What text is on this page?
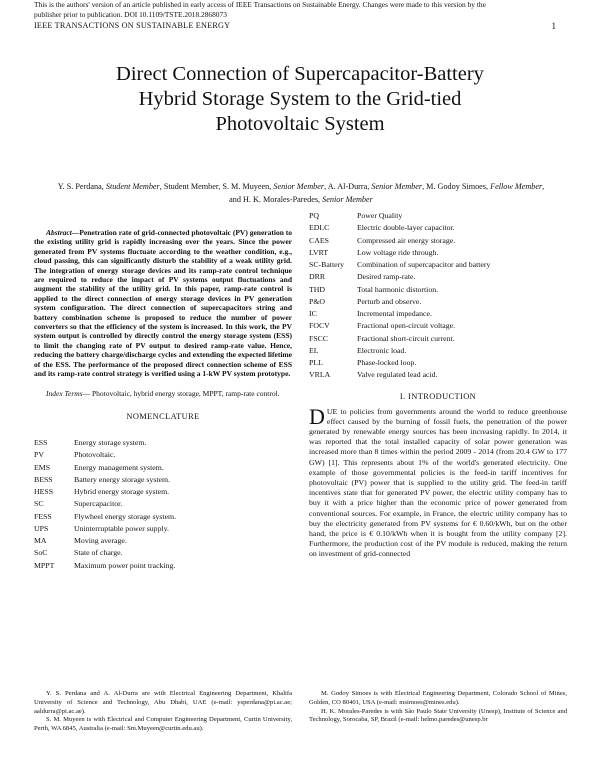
This is the authors' version of an article published in early access of IEEE Transactions on Sustainable Energy. Changes were made to this version by the publisher prior to publication. DOI 10.1109/TSTE.2018.2868073
IEEE TRANSACTIONS ON SUSTAINABLE ENERGY	1
Direct Connection of Supercapacitor-Battery
Hybrid Storage System to the Grid-tied
Photovoltaic System
Y. S. Perdana, Student Member, Student Member, S. M. Muyeen, Senior Member, A. Al-Durra, Senior Member, M. Godoy Simoes, Fellow Member, and H. K. Morales-Paredes, Senior Member

Abstract—Penetration rate of grid-connected photovoltaic (PV) generation to the existing utility grid is rapidly increasing over the years. Since the power generated from PV systems fluctuate according to the weather condition, e.g., cloud passing, this can significantly disturb the stability of a weak utility grid. The integration of energy storage devices and its ramp-rate control technique are required to reduce the impact of PV systems output fluctuations and augment the stability of the utility grid. In this paper, ramp-rate control is applied to the direct connection of energy storage devices in PV generation system configuration. The direct connection of supercapacitors string and battery combination scheme is proposed to reduce the number of power converters so that the efficiency of the system is increased. In this work, the PV system output is controlled by directly control the energy storage system (ESS) to limit the changing rate of PV output to desired ramp-rate value. Hence, reducing the battery charge/discharge cycles and extending the expected lifetime of the ESS. The performance of the proposed direct connection scheme of ESS and its ramp-rate control strategy is verified using a 1-kW PV system prototype.

Index Terms— Photovoltaic, hybrid energy storage, MPPT, ramp-rate control.

NOMENCLATURE
ESS	Energy storage system.
PV	Photovoltaic.
EMS	Energy management system.
BESS	Battery energy storage system.
HESS	Hybrid energy storage system.
SC	Supercapacitor.
FESS	Flywheel energy storage system.
UPS	Uninterruptable power supply.
MA	Moving average.
SoC	State of charge.
MPPT	Maximum power point tracking.
PQ	Power Quality
EDLC	Electric double-layer capacitor.
CAES	Compressed air energy storage.
LVRT	Low voltage ride through.
SC-Battery	Combination of supercapacitor and battery
DRR	Desired ramp-rate.
THD	Total harmonic distortion.
P&O	Perturb and observe.
IC	Incremental impedance.
FOCV	Fractional open-circuit voltage.
FSCC	Fractional short-circuit current.
EL	Electronic load.
PLL	Phase-locked loop.
VRLA	Valve regulated lead acid.
I. INTRODUCTION

DUE to policies from governments around the world to reduce greenhouse effect caused by the burning of fossil fuels, the penetration of the power generated by renewable energy sources has been increasing rapidly. In 2014, it was reported that the total installed capacity of solar power generation was increased more than 8 times within the period 2009 - 2014 (from 20.4 GW to 177 GW) [1]. This represents about 1% of the world's generated electricity. One example of those governmental policies is the feed-in tariff incentives for photovoltaic (PV) power that is supplied to the utility grid. The feed-in tariff incentives state that for generated PV power, the electric utility company has to buy it with a price higher than the economic price of power generated from conventional sources. For example, in France, the electric utility company has to buy the electricity generated from PV systems for € 0.60/kWh, but on the other hand, the price is € 0.10/kWh when it is bought from the utility company [2]. Furthermore, the production cost of the PV module is reduced, making the return on investment of grid-connected

Y. S. Perdana and A. Al-Durra are with Electrical Engineering Department, Khalifa University of Science and Technology, Abu Dhabi, UAE (e-mail: ysperdana@pi.ac.ae; aaldurra@pi.ac.ae).
S. M. Muyeen is with Electrical and Computer Engineering Department, Curtin University, Perth, WA 6845, Australia (e-mail: Sm.Muyeen@curtin.edu.au).
M. Godoy Simoes is with Electrical Engineering Department, Colorado School of Mines, Golden, CO 80401, USA (e-mail: msimoes@mines.edu).
H. K. Morales-Paredes is with São Paulo State University (Unesp), Institute of Science and Technology, Sorocaba, SP, Brazil (e-mail: helmo.paredes@unesp.br
